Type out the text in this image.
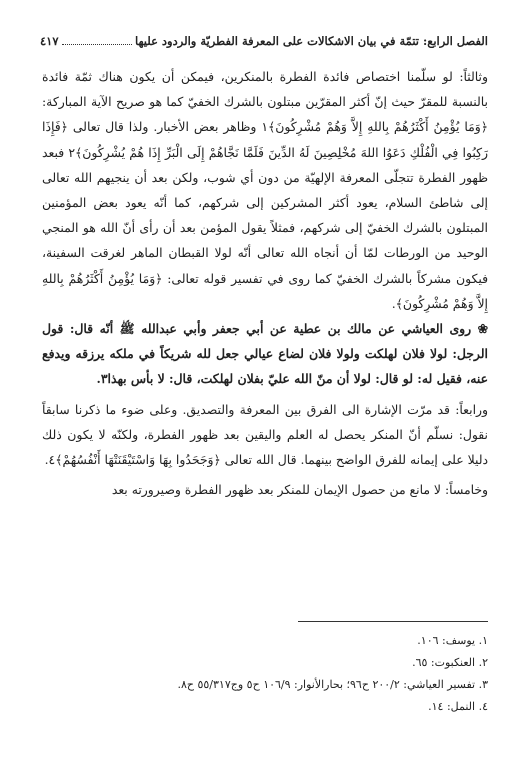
الفصل الرابع: تتمّة في بيان الاشكالات على المعرفة الفطريّة والردود عليها
٤١٧

وثالثاً: لو سلّمنا اختصاص فائدة الفطرة بالمنكرين، فيمكن أن يكون هناك ثمّة فائدة بالنسبة للمقرّ حيث إنّ أكثر المقرّين مبتلون بالشرك الخفيّ كما هو صريح الآية المباركة: ﴿وَمَا يُؤْمِنُ أَكْثَرُهُمْ بِاللهِ إِلاَّ وَهُمْ مُشْرِكُونَ﴾١ وظاهر بعض الأخبار. ولذا قال تعالى ﴿فَإِذَا رَكِبُوا فِي الْفُلْكِ دَعَوُا اللهَ مُخْلِصِينَ لَهُ الدِّينَ فَلَمَّا نَجَّاهُمْ إِلَى الْبَرِّ إِذَا هُمْ يُشْرِكُونَ﴾٢ فبعد ظهور الفطرة تتجلّى المعرفة الإلهيّة من دون أي شوب، ولكن بعد أن ينجيهم الله تعالى إلى شاطئ السلام، يعود أكثر المشركين إلى شركهم، كما أنّه يعود بعض المؤمنين المبتلون بالشرك الخفيّ إلى شركهم، فمثلاً يقول المؤمن بعد أن رأى أنّ الله هو المنجي الوحيد من الورطات لمّا أن أنجاه الله تعالى أنّه لولا القبطان الماهر لغرقت السفينة، فيكون مشركاً بالشرك الخفيّ كما روى في تفسير قوله تعالى: ﴿وَمَا يُؤْمِنُ أَكْثَرُهُمْ بِاللهِ إِلاَّ وَهُمْ مُشْرِكُونَ﴾.

❀ روى العياشي عن مالك بن عطية عن أبي جعفر وأبي عبدالله ﷺ أنّه قال: قول الرجل: لولا فلان لهلكت ولولا فلان لضاع عيالي جعل لله شريكاً في ملكه يرزقه ويدفع عنه، فقيل له: لو قال: لولا أن منّ الله عليّ بفلان لهلكت، قال: لا بأس بهذا٣.

ورابعاً: قد مرّت الإشارة الى الفرق بين المعرفة والتصديق. وعلى ضوء ما ذكرنا سابقاً نقول: نسلّم أنّ المنكر يحصل له العلم واليقين بعد ظهور الفطرة، ولكنّه لا يكون ذلك دليلا على إيمانه للفرق الواضح بينهما. قال الله تعالى ﴿وَجَحَدُوا بِهَا وَاسْتَيْقَنَتْهَا أَنْفُسُهُمْ﴾٤.

وخامساً: لا مانع من حصول الإيمان للمنكر بعد ظهور الفطرة وصيرورته بعد

١. يوسف: ١٠٦.
٢. العنكبوت: ٦٥.
٣. تفسير العياشي: ٢٠٠/٢ ح٩٦؛ بحارالأنوار: ١٠٦/٩ ح٥ وج٥٥/٣١٧ ح٨.
٤. النمل: ١٤.
